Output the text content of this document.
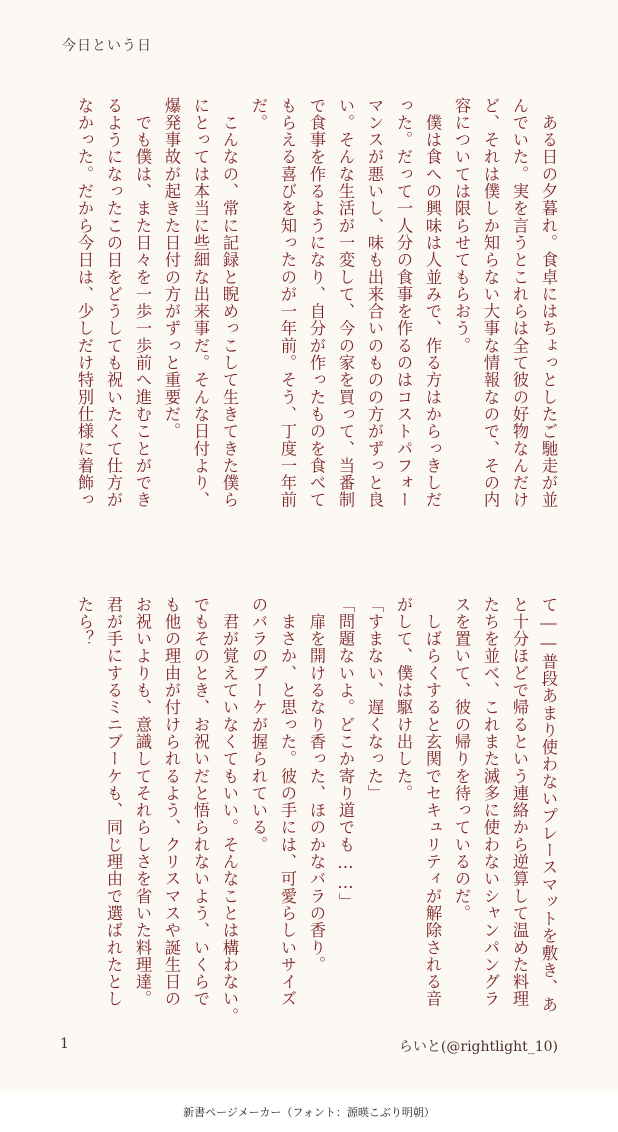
今日という日
　ある日の夕暮れ。食卓にはちょっとしたご馳走が並
んでいた。実を言うとこれらは全て彼の好物なんだけ
ど、それは僕しか知らない大事な情報なので、その内
容については限らせてもらおう。
　僕は食への興味は人並みで、作る方はからっきしだ
った。だって一人分の食事を作るのはコストパフォー
マンスが悪いし、味も出来合いのものの方がずっと良
い。そんな生活が一変して、今の家を買って、当番制
で食事を作るようになり、自分が作ったものを食べて
もらえる喜びを知ったのが一年前。そう、丁度一年前
だ。
　こんなの、常に記録と睨めっこして生きてきた僕ら
にとっては本当に些細な出来事だ。そんな日付より、
爆発事故が起きた日付の方がずっと重要だ。
　でも僕は、また日々を一歩一歩前へ進むことができ
るようになったこの日をどうしても祝いたくて仕方が
なかった。だから今日は、少しだけ特別仕様に着飾っ
て――普段あまり使わないプレースマットを敷き、あ
と十分ほどで帰るという連絡から逆算して温めた料理
たちを並べ、これまた滅多に使わないシャンパングラ
スを置いて、彼の帰りを待っているのだ。
　しばらくすると玄関でセキュリティが解除される音
がして、僕は駆け出した。
「すまない、遅くなった」
「問題ないよ。どこか寄り道でも……」
　扉を開けるなり香った、ほのかなバラの香り。
　まさか、と思った。彼の手には、可愛らしいサイズ
のバラのブーケが握られている。
　君が覚えていなくてもいい。そんなことは構わない。
でもそのとき、お祝いだと悟られないよう、いくらで
も他の理由が付けられるよう、クリスマスや誕生日の
お祝いよりも、意識してそれらしさを省いた料理達。
君が手にするミニブーケも、同じ理由で選ばれたとし
たら？
1	らいと(@rightlight_10)
新書ページメーカー（フォント：源暎こぶり明朝）
